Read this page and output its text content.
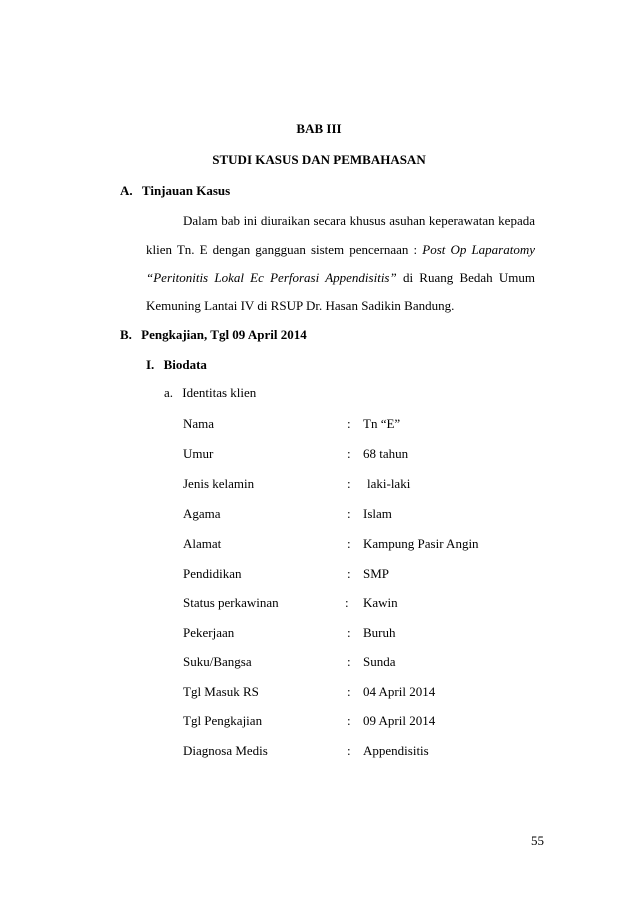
BAB III
STUDI KASUS DAN PEMBAHASAN
A. Tinjauan Kasus
Dalam bab ini diuraikan secara khusus asuhan keperawatan kepada
klien Tn. E dengan gangguan sistem pencernaan : Post Op Laparatomy
“Peritonitis Lokal Ec Perforasi Appendisitis” di Ruang Bedah Umum
Kemuning Lantai IV di RSUP Dr. Hasan Sadikin Bandung.
B. Pengkajian, Tgl 09 April 2014
I. Biodata
a. Identitas klien
Nama	: Tn “E”
Umur	: 68 tahun
Jenis kelamin	: laki-laki
Agama	: Islam
Alamat	: Kampung Pasir Angin
Pendidikan	: SMP
Status perkawinan	: Kawin
Pekerjaan	: Buruh
Suku/Bangsa	: Sunda
Tgl Masuk RS	: 04 April 2014
Tgl Pengkajian	: 09 April 2014
Diagnosa Medis	: Appendisitis
55
